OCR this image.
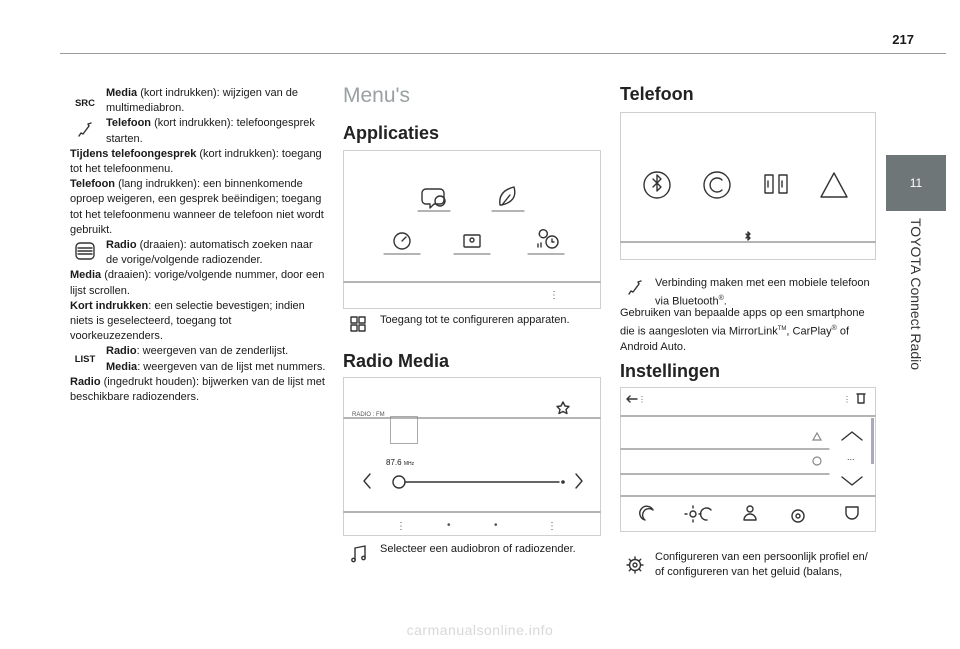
217
11
TOYOTA Connect Radio

SRC
Media (kort indrukken): wijzigen van de multimediabron.

Telefoon (kort indrukken): telefoongesprek starten.

Tijdens telefoongesprek (kort indrukken): toegang tot het telefoonmenu.

Telefoon (lang indrukken): een binnenkomende oproep weigeren, een gesprek beëindigen; toegang tot het telefoonmenu wanneer de telefoon niet wordt gebruikt.

Radio (draaien): automatisch zoeken naar de vorige/volgende radiozender.

Media (draaien): vorige/volgende nummer, door een lijst scrollen.

Kort indrukken: een selectie bevestigen; indien niets is geselecteerd, toegang tot voorkeuzezenders.

LIST
Radio: weergeven van de zenderlijst.
Media: weergeven van de lijst met nummers.

Radio (ingedrukt houden): bijwerken van de lijst met beschikbare radiozenders.

Menu's
Applicaties
⋮
Toegang tot te configureren apparaten.
Radio Media
RADIO : FM
87.6 MHz
⋮	•	•	⋮
Selecteer een audiobron of radiozender.
Telefoon
Verbinding maken met een mobiele telefoon via Bluetooth®.
Gebruiken van bepaalde apps op een smartphone die is aangesloten via MirrorLink™, CarPlay® of Android Auto.
Instellingen
⋮	⋮
...
Configureren van een persoonlijk profiel en/ of configureren van het geluid (balans,
carmanualsonline.info
